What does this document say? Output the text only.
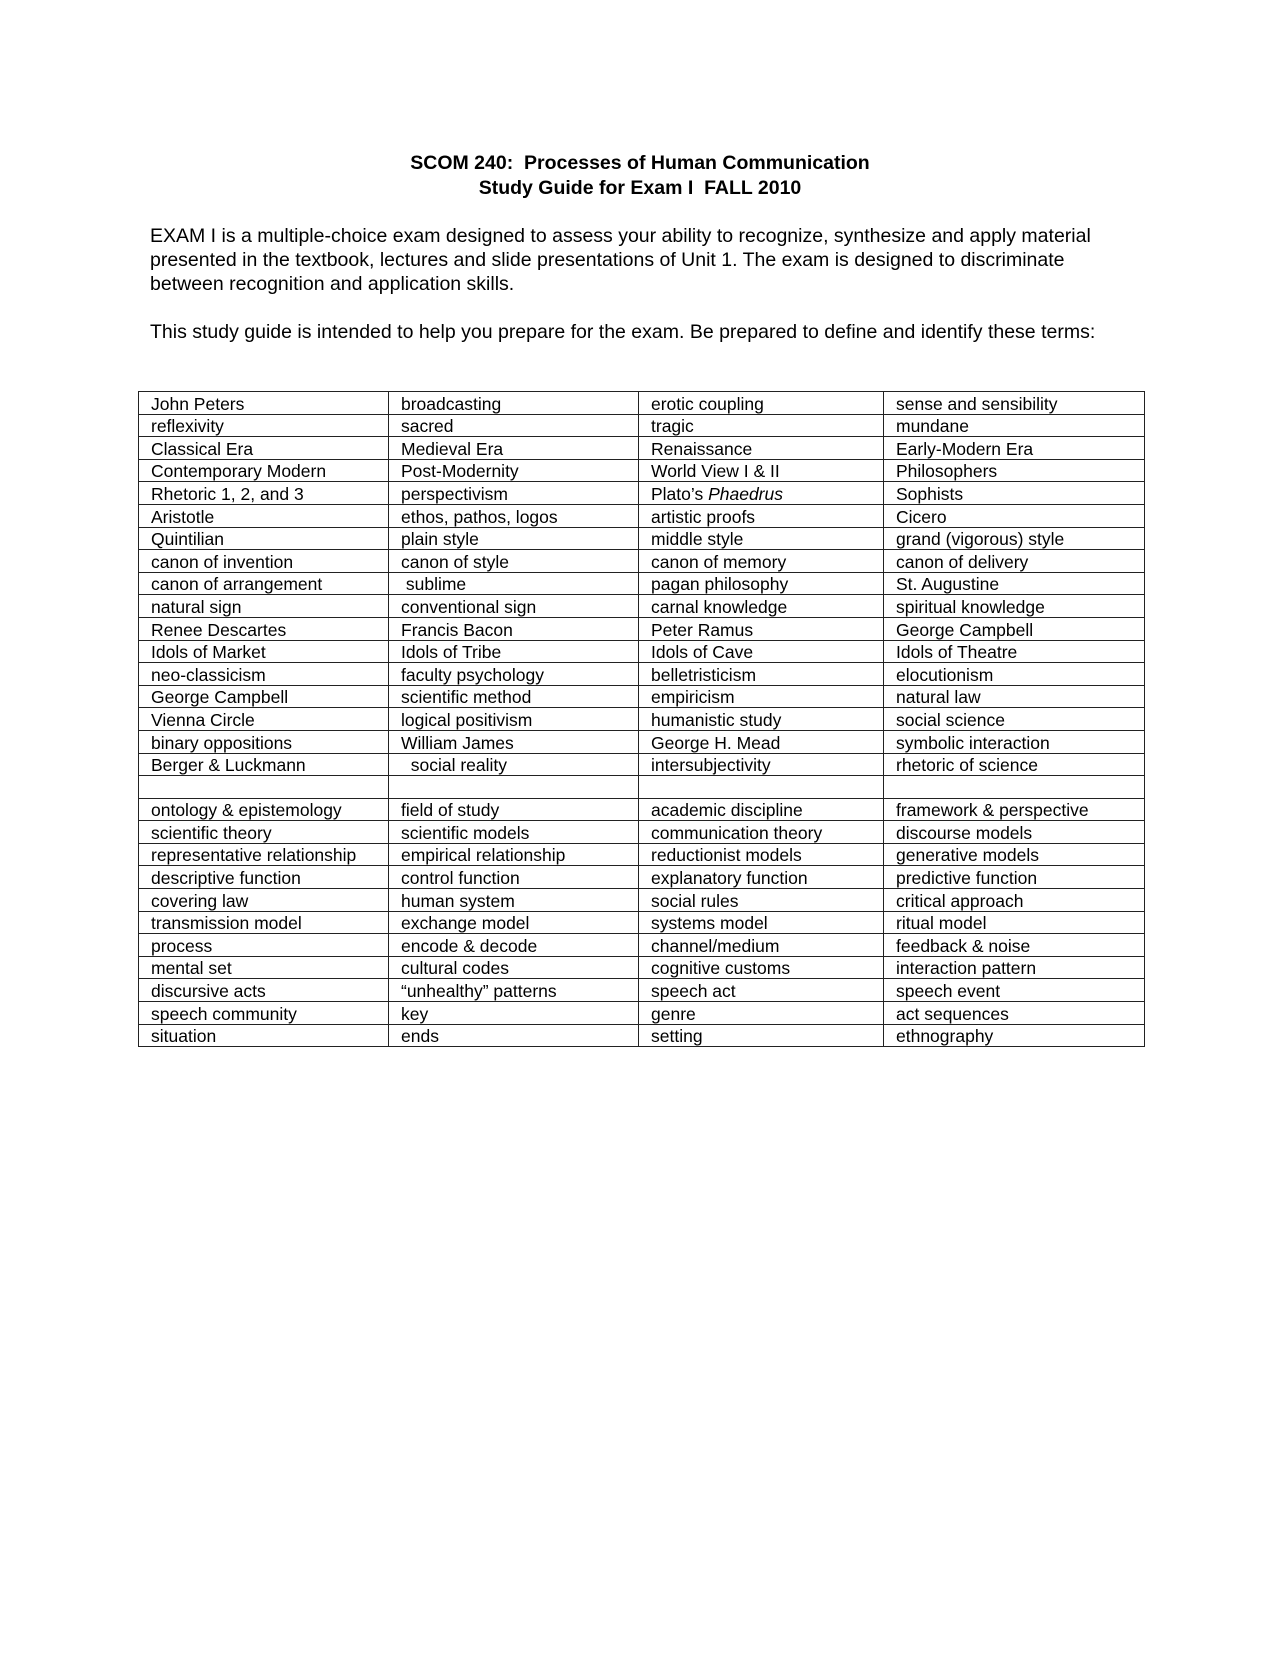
SCOM 240:  Processes of Human Communication
Study Guide for Exam I  FALL 2010
EXAM I is a multiple-choice exam designed to assess your ability to recognize, synthesize and apply material presented in the textbook, lectures and slide presentations of Unit 1. The exam is designed to discriminate between recognition and application skills.
This study guide is intended to help you prepare for the exam. Be prepared to define and identify these terms:
John Peters	broadcasting	erotic coupling	sense and sensibility
reflexivity	sacred	tragic	mundane
Classical Era	Medieval Era	Renaissance	Early-Modern Era
Contemporary Modern	Post-Modernity	World View I & II	Philosophers
Rhetoric 1, 2, and 3	perspectivism	Plato’s Phaedrus	Sophists
Aristotle	ethos, pathos, logos	artistic proofs	Cicero
Quintilian	plain style	middle style	grand (vigorous) style
canon of invention	canon of style	canon of memory	canon of delivery
canon of arrangement	sublime	pagan philosophy	St. Augustine
natural sign	conventional sign	carnal knowledge	spiritual knowledge
Renee Descartes	Francis Bacon	Peter Ramus	George Campbell
Idols of Market	Idols of Tribe	Idols of Cave	Idols of Theatre
neo-classicism	faculty psychology	belletristicism	elocutionism
George Campbell	scientific method	empiricism	natural law
Vienna Circle	logical positivism	humanistic study	social science
binary oppositions	William James	George H. Mead	symbolic interaction
Berger & Luckmann	social reality	intersubjectivity	rhetoric of science

ontology & epistemology	field of study	academic discipline	framework & perspective
scientific theory	scientific models	communication theory	discourse models
representative relationship	empirical relationship	reductionist models	generative models
descriptive function	control function	explanatory function	predictive function
covering law	human system	social rules	critical approach
transmission model	exchange model	systems model	ritual model
process	encode & decode	channel/medium	feedback & noise
mental set	cultural codes	cognitive customs	interaction pattern
discursive acts	“unhealthy” patterns	speech act	speech event
speech community	key	genre	act sequences
situation	ends	setting	ethnography
